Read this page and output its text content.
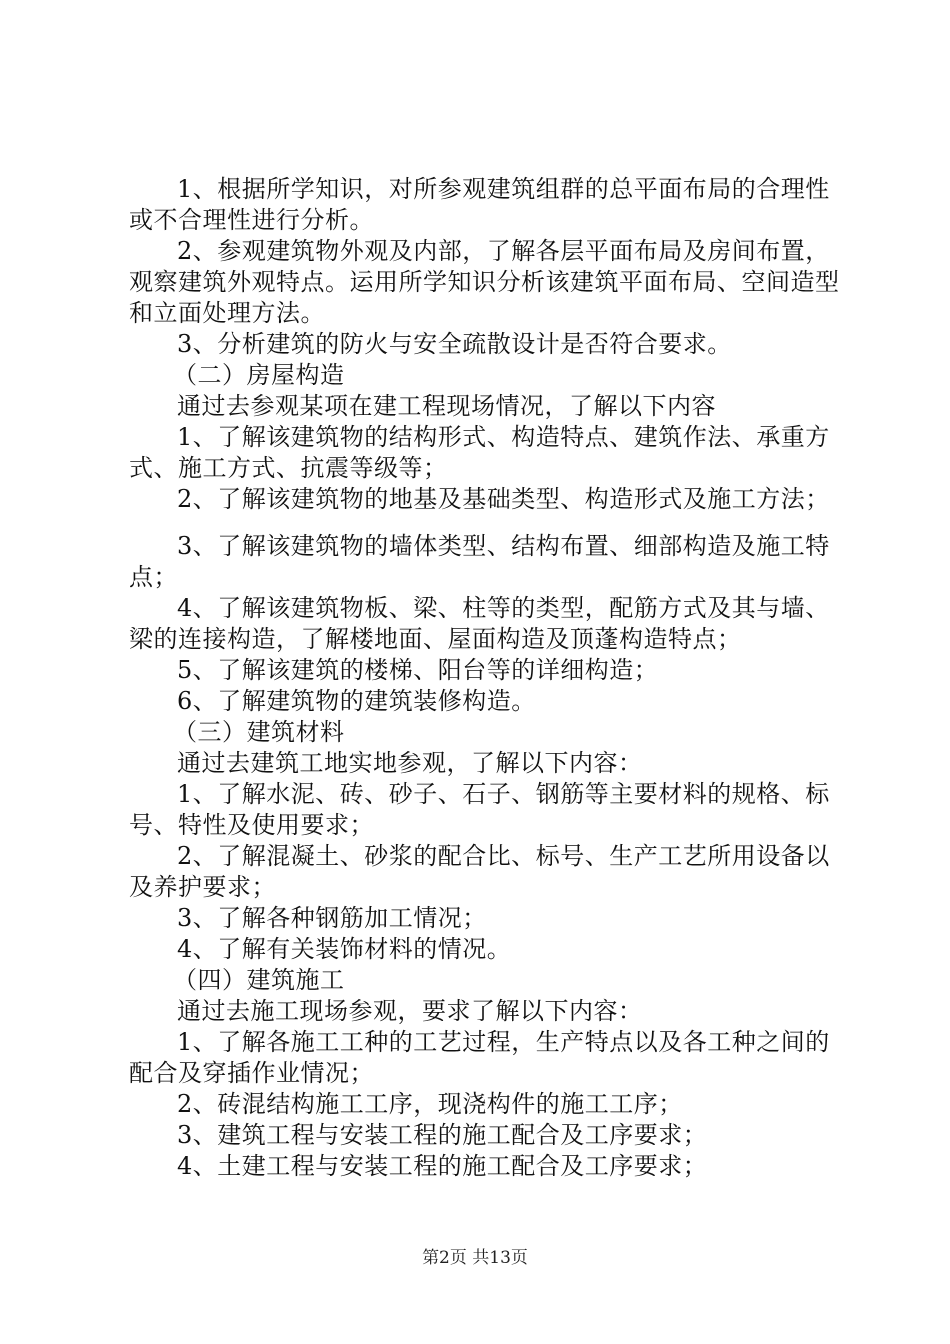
1、根据所学知识，对所参观建筑组群的总平面布局的合理性或不合理性进行分析。

2、参观建筑物外观及内部，了解各层平面布局及房间布置，观察建筑外观特点。运用所学知识分析该建筑平面布局、空间造型和立面处理方法。

3、分析建筑的防火与安全疏散设计是否符合要求。

（二）房屋构造

通过去参观某项在建工程现场情况，了解以下内容

1、了解该建筑物的结构形式、构造特点、建筑作法、承重方式、施工方式、抗震等级等；

2、了解该建筑物的地基及基础类型、构造形式及施工方法；

3、了解该建筑物的墙体类型、结构布置、细部构造及施工特点；

4、了解该建筑物板、梁、柱等的类型，配筋方式及其与墙、梁的连接构造，了解楼地面、屋面构造及顶蓬构造特点；

5、了解该建筑的楼梯、阳台等的详细构造；

6、了解建筑物的建筑装修构造。

（三）建筑材料

通过去建筑工地实地参观，了解以下内容：

1、了解水泥、砖、砂子、石子、钢筋等主要材料的规格、标号、特性及使用要求；

2、了解混凝土、砂浆的配合比、标号、生产工艺所用设备以及养护要求；

3、了解各种钢筋加工情况；

4、了解有关装饰材料的情况。

（四）建筑施工

通过去施工现场参观，要求了解以下内容：

1、了解各施工工种的工艺过程，生产特点以及各工种之间的配合及穿插作业情况；

2、砖混结构施工工序，现浇构件的施工工序；

3、建筑工程与安装工程的施工配合及工序要求；

4、土建工程与安装工程的施工配合及工序要求；

第2页 共13页
